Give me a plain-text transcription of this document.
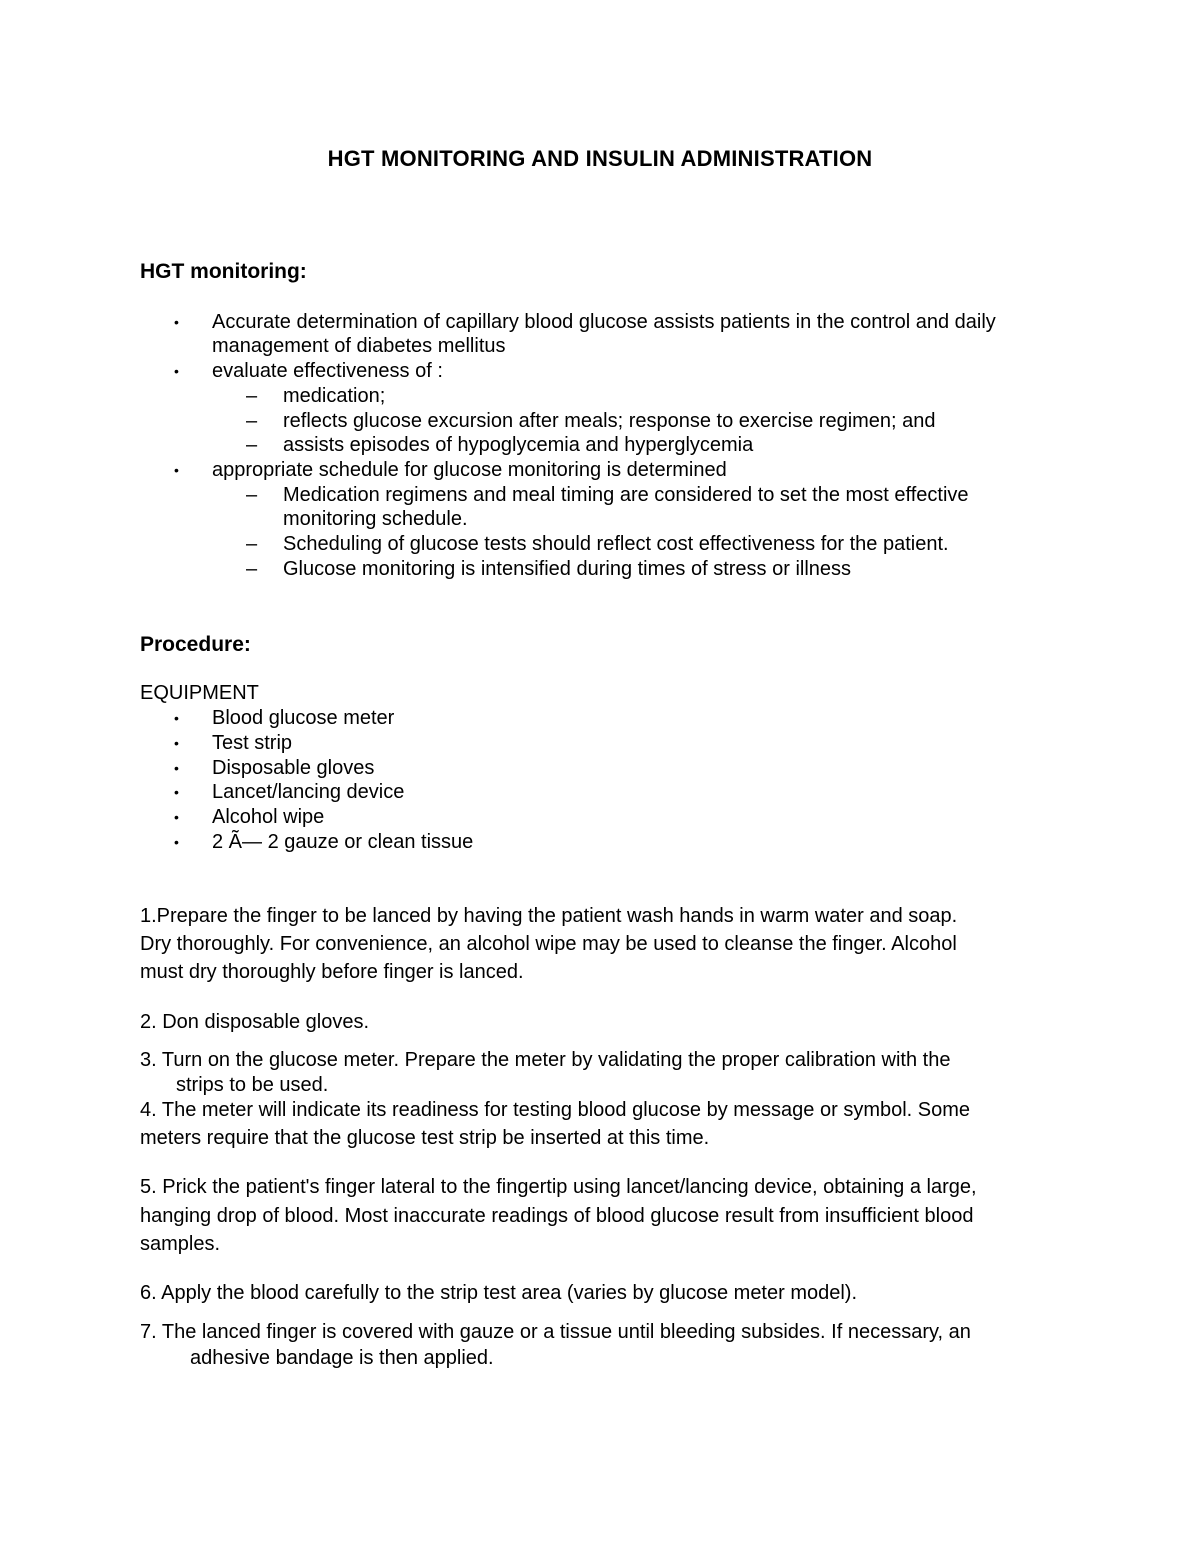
HGT MONITORING AND INSULIN ADMINISTRATION
HGT monitoring:
• Accurate determination of capillary blood glucose assists patients in the control and daily
management of diabetes mellitus
• evaluate effectiveness of :
– medication;
– reflects glucose excursion after meals; response to exercise regimen; and
– assists episodes of hypoglycemia and hyperglycemia
• appropriate schedule for glucose monitoring is determined
– Medication regimens and meal timing are considered to set the most effective
monitoring schedule.
– Scheduling of glucose tests should reflect cost effectiveness for the patient.
– Glucose monitoring is intensified during times of stress or illness
Procedure:
EQUIPMENT
• Blood glucose meter
• Test strip
• Disposable gloves
• Lancet/lancing device
• Alcohol wipe
• 2 Ã— 2 gauze or clean tissue
1.Prepare the finger to be lanced by having the patient wash hands in warm water and soap.
Dry thoroughly. For convenience, an alcohol wipe may be used to cleanse the finger. Alcohol
must dry thoroughly before finger is lanced.
2. Don disposable gloves.
3. Turn on the glucose meter. Prepare the meter by validating the proper calibration with the
strips to be used.
4. The meter will indicate its readiness for testing blood glucose by message or symbol. Some
meters require that the glucose test strip be inserted at this time.
5. Prick the patient's finger lateral to the fingertip using lancet/lancing device, obtaining a large,
hanging drop of blood. Most inaccurate readings of blood glucose result from insufficient blood
samples.
6. Apply the blood carefully to the strip test area (varies by glucose meter model).
7. The lanced finger is covered with gauze or a tissue until bleeding subsides. If necessary, an
adhesive bandage is then applied.
